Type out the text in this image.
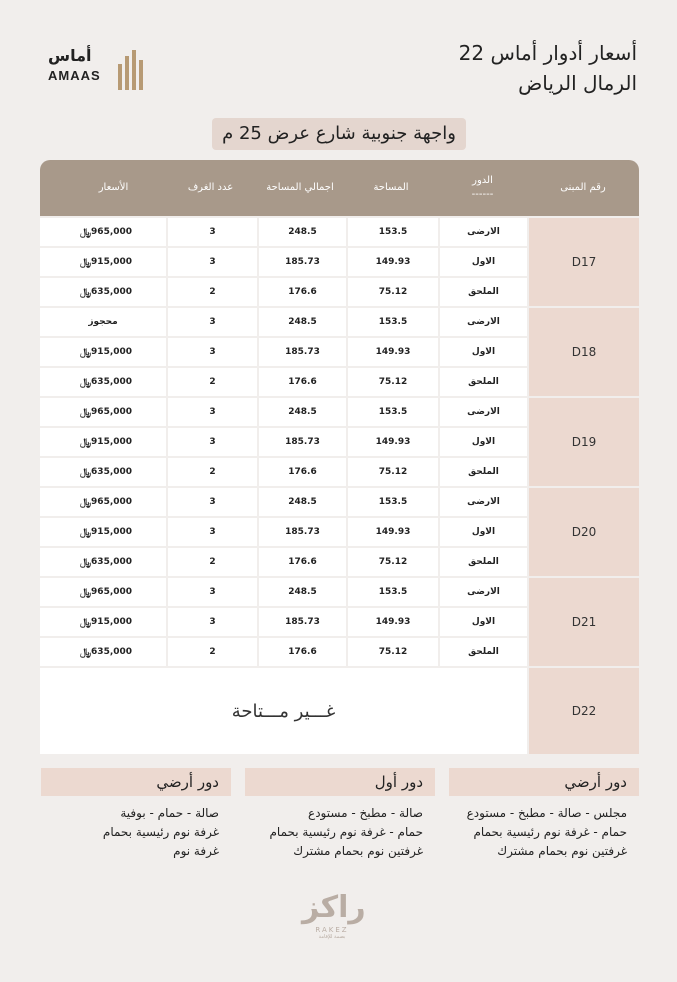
أماس
AMAAS
أسعار أدوار أماس 22
الرمال الرياض
واجهة جنوبية شارع عرض 25 م
رقم المبنى
الدور
------
المساحة
اجمالي المساحة
عدد الغرف
الأسعار
D17
الارضى
153.5
248.5
3
965,000
﷼
الاول
149.93
185.73
3
915,000
﷼
الملحق
75.12
176.6
2
635,000
﷼
D18
الارضى
153.5
248.5
3
محجوز
الاول
149.93
185.73
3
915,000
﷼
الملحق
75.12
176.6
2
635,000
﷼
D19
الارضى
153.5
248.5
3
965,000
﷼
الاول
149.93
185.73
3
915,000
﷼
الملحق
75.12
176.6
2
635,000
﷼
D20
الارضى
153.5
248.5
3
965,000
﷼
الاول
149.93
185.73
3
915,000
﷼
الملحق
75.12
176.6
2
635,000
﷼
D21
الارضى
153.5
248.5
3
965,000
﷼
الاول
149.93
185.73
3
915,000
﷼
الملحق
75.12
176.6
2
635,000
﷼
D22
غـــير مـــتاحة
دور أرضي
مجلس - صالة - مطبخ - مستودع
حمام - غرفة نوم رئيسية بحمام
غرفتين نوم بحمام مشترك
دور أول
صالة - مطبخ - مستودع
حمام - غرفة نوم رئيسية بحمام
غرفتين نوم بحمام مشترك
دور أرضي
صالة - حمام - بوفية
غرفة نوم رئيسية بحمام
غرفة نوم
راكز
RAKEZ
بصمة للإقامة
